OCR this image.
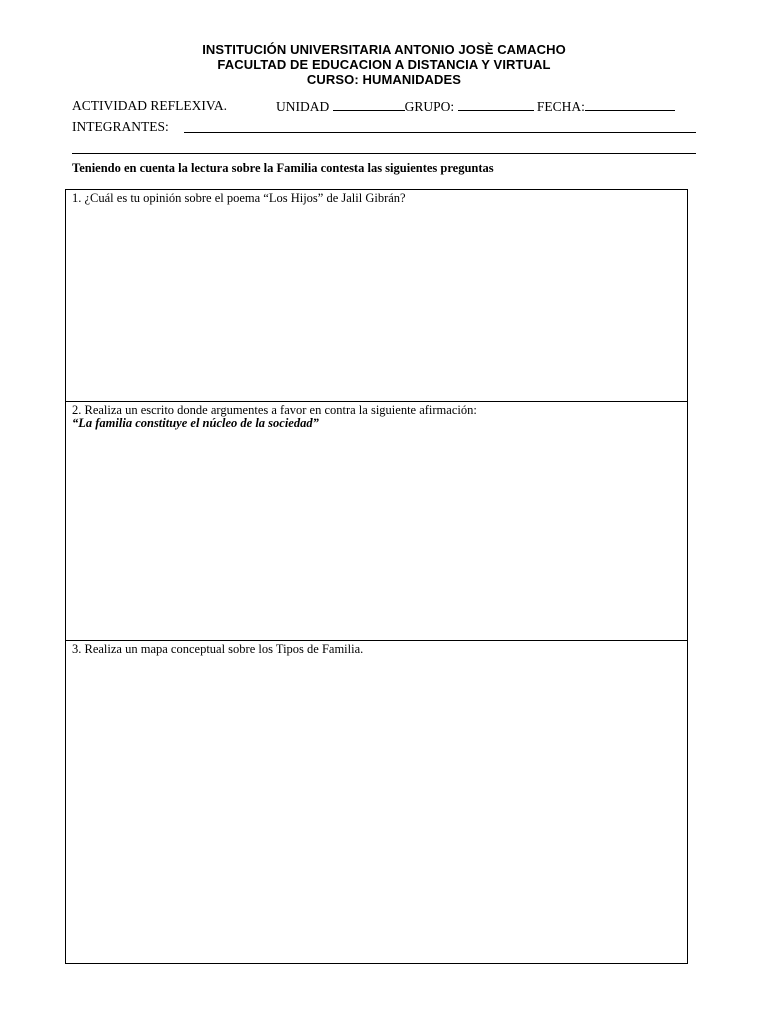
INSTITUCIÓN UNIVERSITARIA ANTONIO JOSÈ CAMACHO
FACULTAD DE EDUCACION A DISTANCIA Y VIRTUAL
CURSO: HUMANIDADES
ACTIVIDAD REFLEXIVA.	UNIDAD	GRUPO:	FECHA:
INTEGRANTES:
Teniendo en cuenta la lectura sobre la Familia contesta las siguientes preguntas
1. ¿Cuál es tu opinión sobre el poema “Los Hijos” de Jalil Gibrán?
2. Realiza un escrito donde argumentes a favor en contra la siguiente afirmación:
“La familia constituye el núcleo de la sociedad”
3. Realiza un mapa conceptual sobre los Tipos de Familia.
